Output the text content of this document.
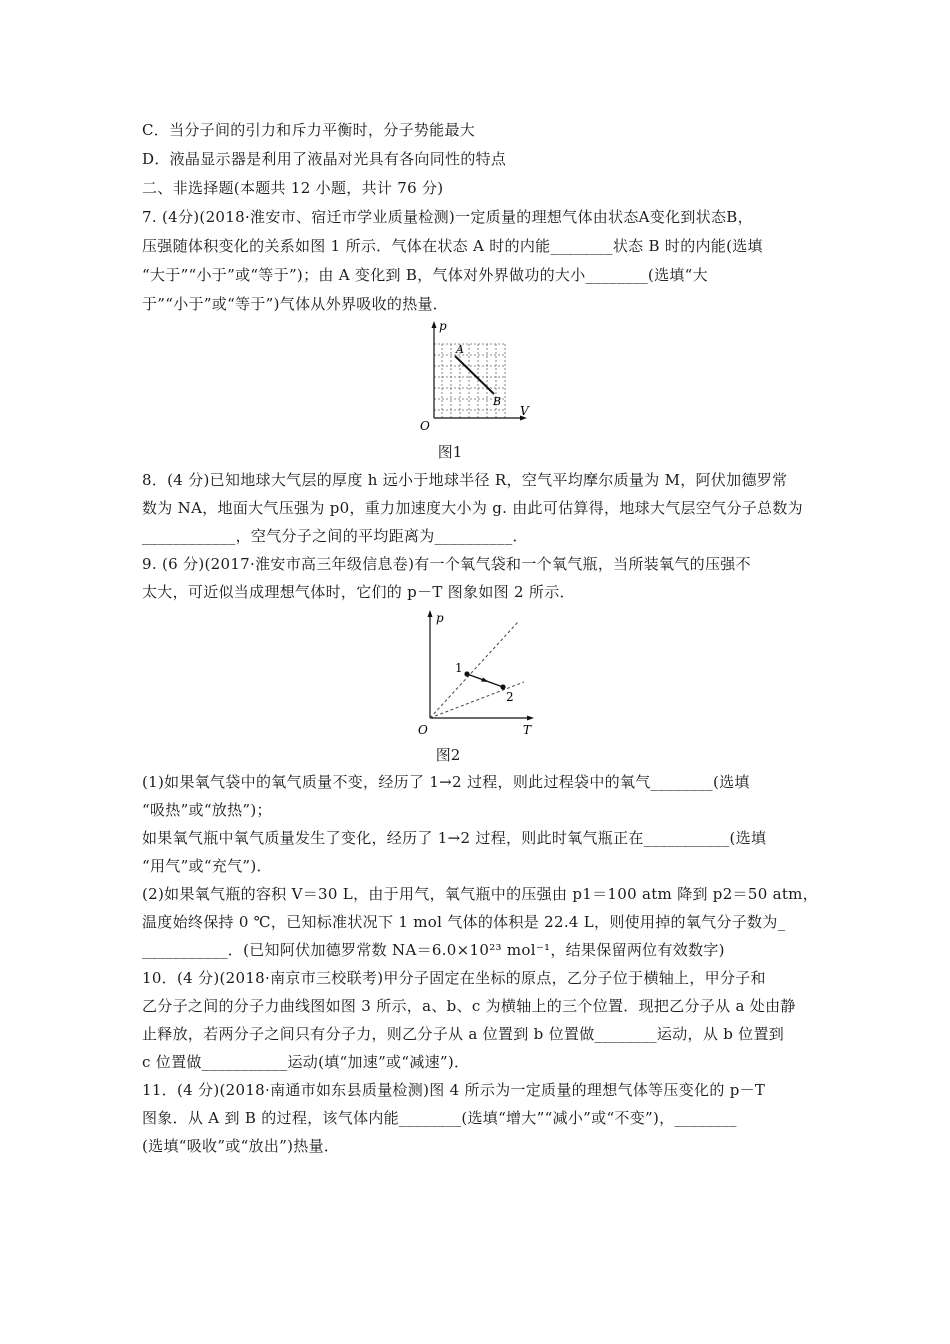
C．当分子间的引力和斥力平衡时，分子势能最大
D．液晶显示器是利用了液晶对光具有各向同性的特点
二、非选择题(本题共 12 小题，共计 76 分)
7. (4分)(2018·淮安市、宿迁市学业质量检测)一定质量的理想气体由状态A变化到状态B，
压强随体积变化的关系如图 1 所示．气体在状态 A 时的内能________状态 B 时的内能(选填
“大于”“小于”或“等于”)；由 A 变化到 B，气体对外界做功的大小________(选填“大
于”“小于”或“等于”)气体从外界吸收的热量．
p
V
O
A
B
图1
8．(4 分)已知地球大气层的厚度 h 远小于地球半径 R，空气平均摩尔质量为 M，阿伏加德罗常
数为 NA，地面大气压强为 p0，重力加速度大小为 g. 由此可估算得，地球大气层空气分子总数为
____________，空气分子之间的平均距离为__________．
9. (6 分)(2017·淮安市高三年级信息卷)有一个氧气袋和一个氧气瓶，当所装氧气的压强不
太大，可近似当成理想气体时，它们的 p－T 图象如图 2 所示．
p
T
O
1
2
图2
(1)如果氧气袋中的氧气质量不变，经历了 1→2 过程，则此过程袋中的氧气________(选填
“吸热”或“放热”)；
如果氧气瓶中氧气质量发生了变化，经历了 1→2 过程，则此时氧气瓶正在___________(选填
“用气”或“充气”)．
(2)如果氧气瓶的容积 V＝30 L，由于用气，氧气瓶中的压强由 p1＝100 atm 降到 p2＝50 atm，
温度始终保持 0 ℃，已知标准状况下 1 mol 气体的体积是 22.4 L，则使用掉的氧气分子数为_
___________．(已知阿伏加德罗常数 NA＝6.0×10²³ mol⁻¹，结果保留两位有效数字)
10．(4 分)(2018·南京市三校联考)甲分子固定在坐标的原点，乙分子位于横轴上，甲分子和
乙分子之间的分子力曲线图如图 3 所示，a、b、c 为横轴上的三个位置．现把乙分子从 a 处由静
止释放，若两分子之间只有分子力，则乙分子从 a 位置到 b 位置做________运动，从 b 位置到
c 位置做___________运动(填“加速”或“减速”)．
11．(4 分)(2018·南通市如东县质量检测)图 4 所示为一定质量的理想气体等压变化的 p－T
图象．从 A 到 B 的过程，该气体内能________(选填“增大”“减小”或“不变”)，________
(选填“吸收”或“放出”)热量．
